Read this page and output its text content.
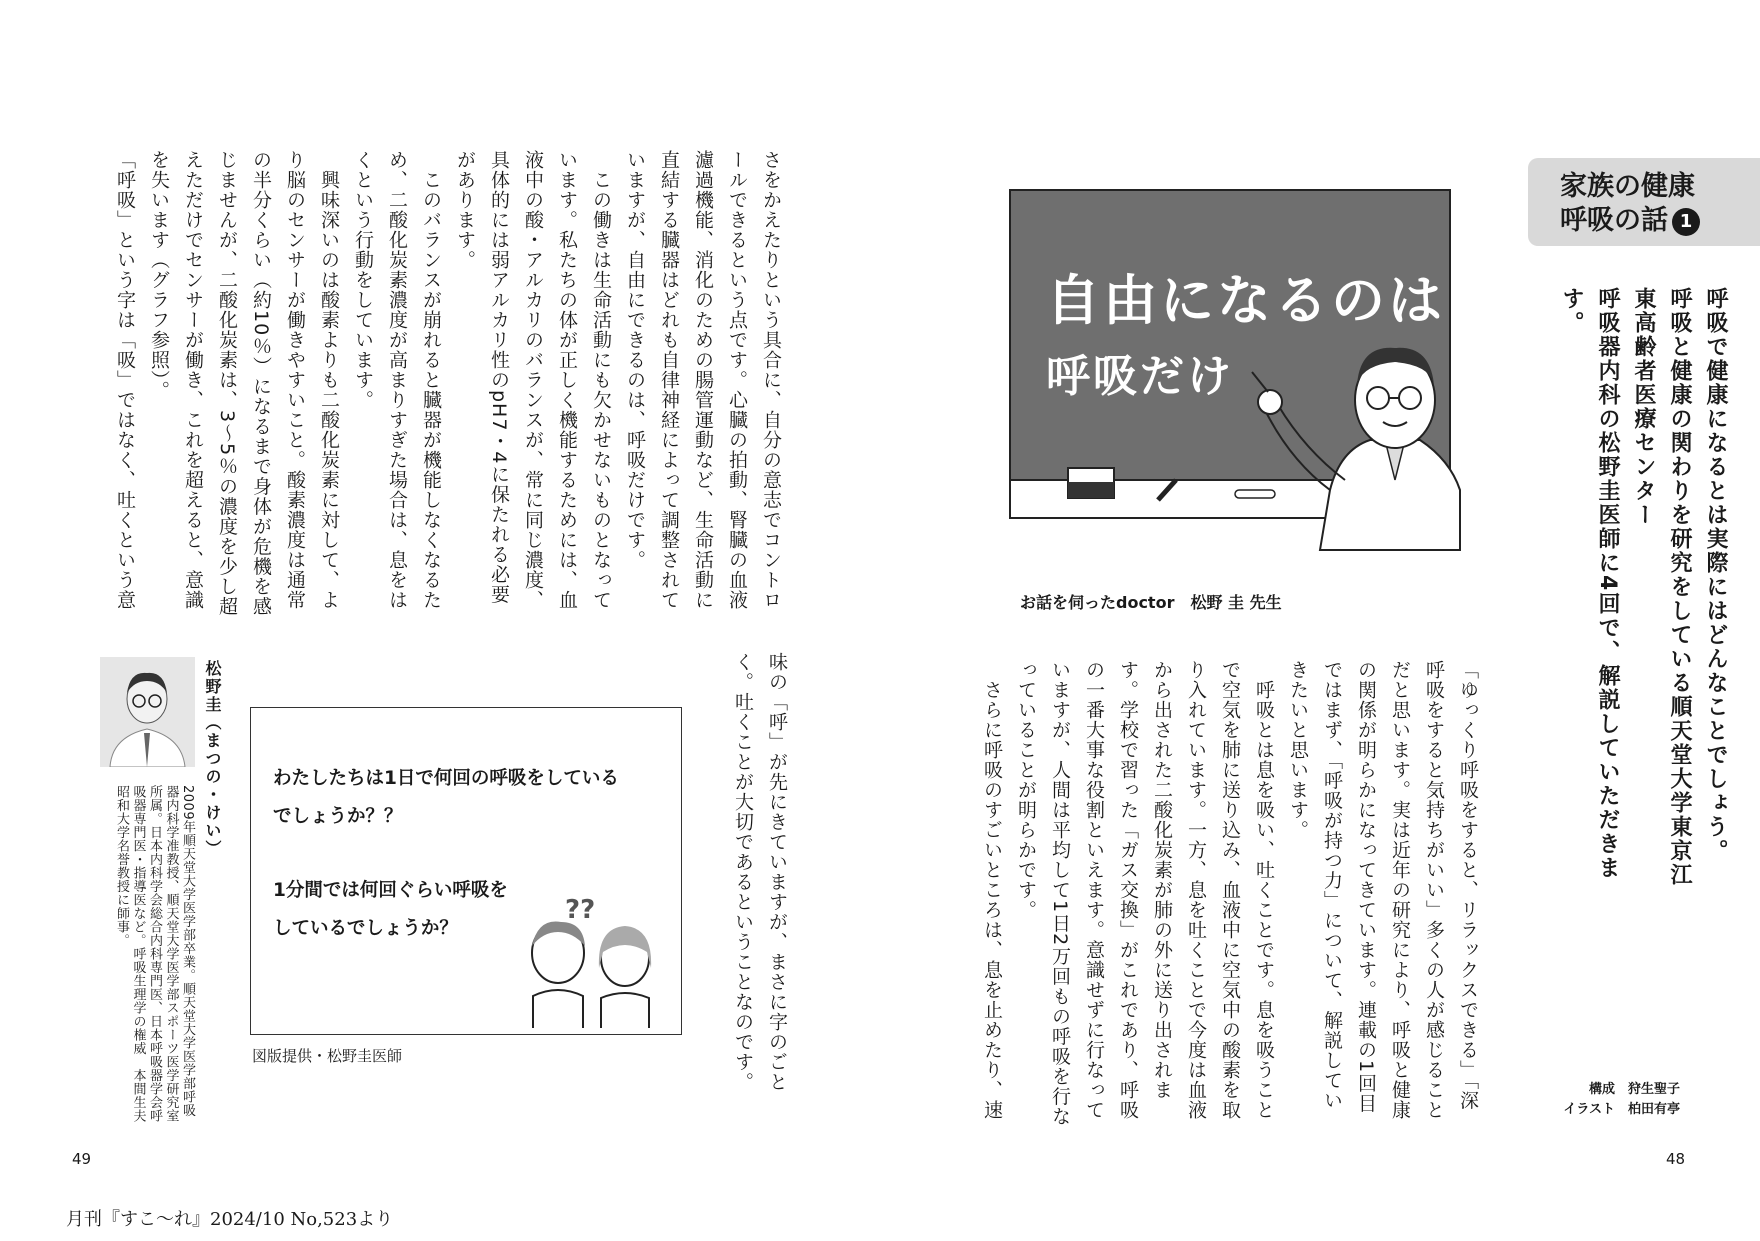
家族の健康
呼吸の話 1
呼吸で健康になるとは実際にはどんなことでしょう。
呼吸と健康の関わりを研究をしている順天堂大学東京江東高齢者医療センター
呼吸器内科の松野圭医師に4回で、解説していただきます。
構成　狩生聖子
イラスト　柏田有亭
自由になるのは
呼吸だけ
お話を伺ったdoctor　松野 圭 先生
「ゆっくり呼吸をすると、リラックスできる」「深呼吸をすると気持ちがいい」多くの人が感じることだと思います。実は近年の研究により、呼吸と健康の関係が明らかになってきています。連載の1回目ではまず、「呼吸が持つ力」について、解説していきたいと思います。
　呼吸とは息を吸い、吐くことです。息を吸うことで空気を肺に送り込み、血液中に空気中の酸素を取り入れています。一方、息を吐くことで今度は血液から出された二酸化炭素が肺の外に送り出されます。学校で習った「ガス交換」がこれであり、呼吸の一番大事な役割といえます。意識せずに行なっていますが、人間は平均して1日2万回もの呼吸を行なっていることが明らかです。
　さらに呼吸のすごいところは、息を止めたり、速
さをかえたりという具合に、自分の意志でコントロールできるという点です。心臓の拍動、腎臓の血液濾過機能、消化のための腸管運動など、生命活動に直結する臓器はどれも自律神経によって調整されていますが、自由にできるのは、呼吸だけです。
　この働きは生命活動にも欠かせないものとなっています。私たちの体が正しく機能するためには、血液中の酸・アルカリのバランスが、常に同じ濃度、具体的には弱アルカリ性のpH7・4に保たれる必要があります。
　このバランスが崩れると臓器が機能しなくなるため、二酸化炭素濃度が高まりすぎた場合は、息をはくという行動をしています。
　興味深いのは酸素よりも二酸化炭素に対して、より脳のセンサーが働きやすいこと。酸素濃度は通常の半分くらい（約10％）になるまで身体が危機を感じませんが、二酸化炭素は、3〜5％の濃度を少し超えただけでセンサーが働き、これを超えると、意識を失います（グラフ参照）。
「呼吸」という字は「吸」ではなく、吐くという意
味の「呼」が先にきていますが、まさに字のごとく。吐くことが大切であるということなのです。
わたしたちは1日で何回の呼吸をしている
でしょうか？？
1分間では何回ぐらい呼吸を
しているでしょうか？
??
図版提供・松野圭医師
松野圭（まつの・けい）
2009年順天堂大学医学部卒業。順天堂大学医学部呼吸器内科学准教授、順天堂大学医学部スポーツ医学研究室所属。日本内科学会総合内科専門医、日本呼吸器学会呼吸器専門医・指導医など。呼吸生理学の権威　本間生夫昭和大学名誉教授に師事。
49	48
月刊『すこ〜れ』2024/10 No,523より
